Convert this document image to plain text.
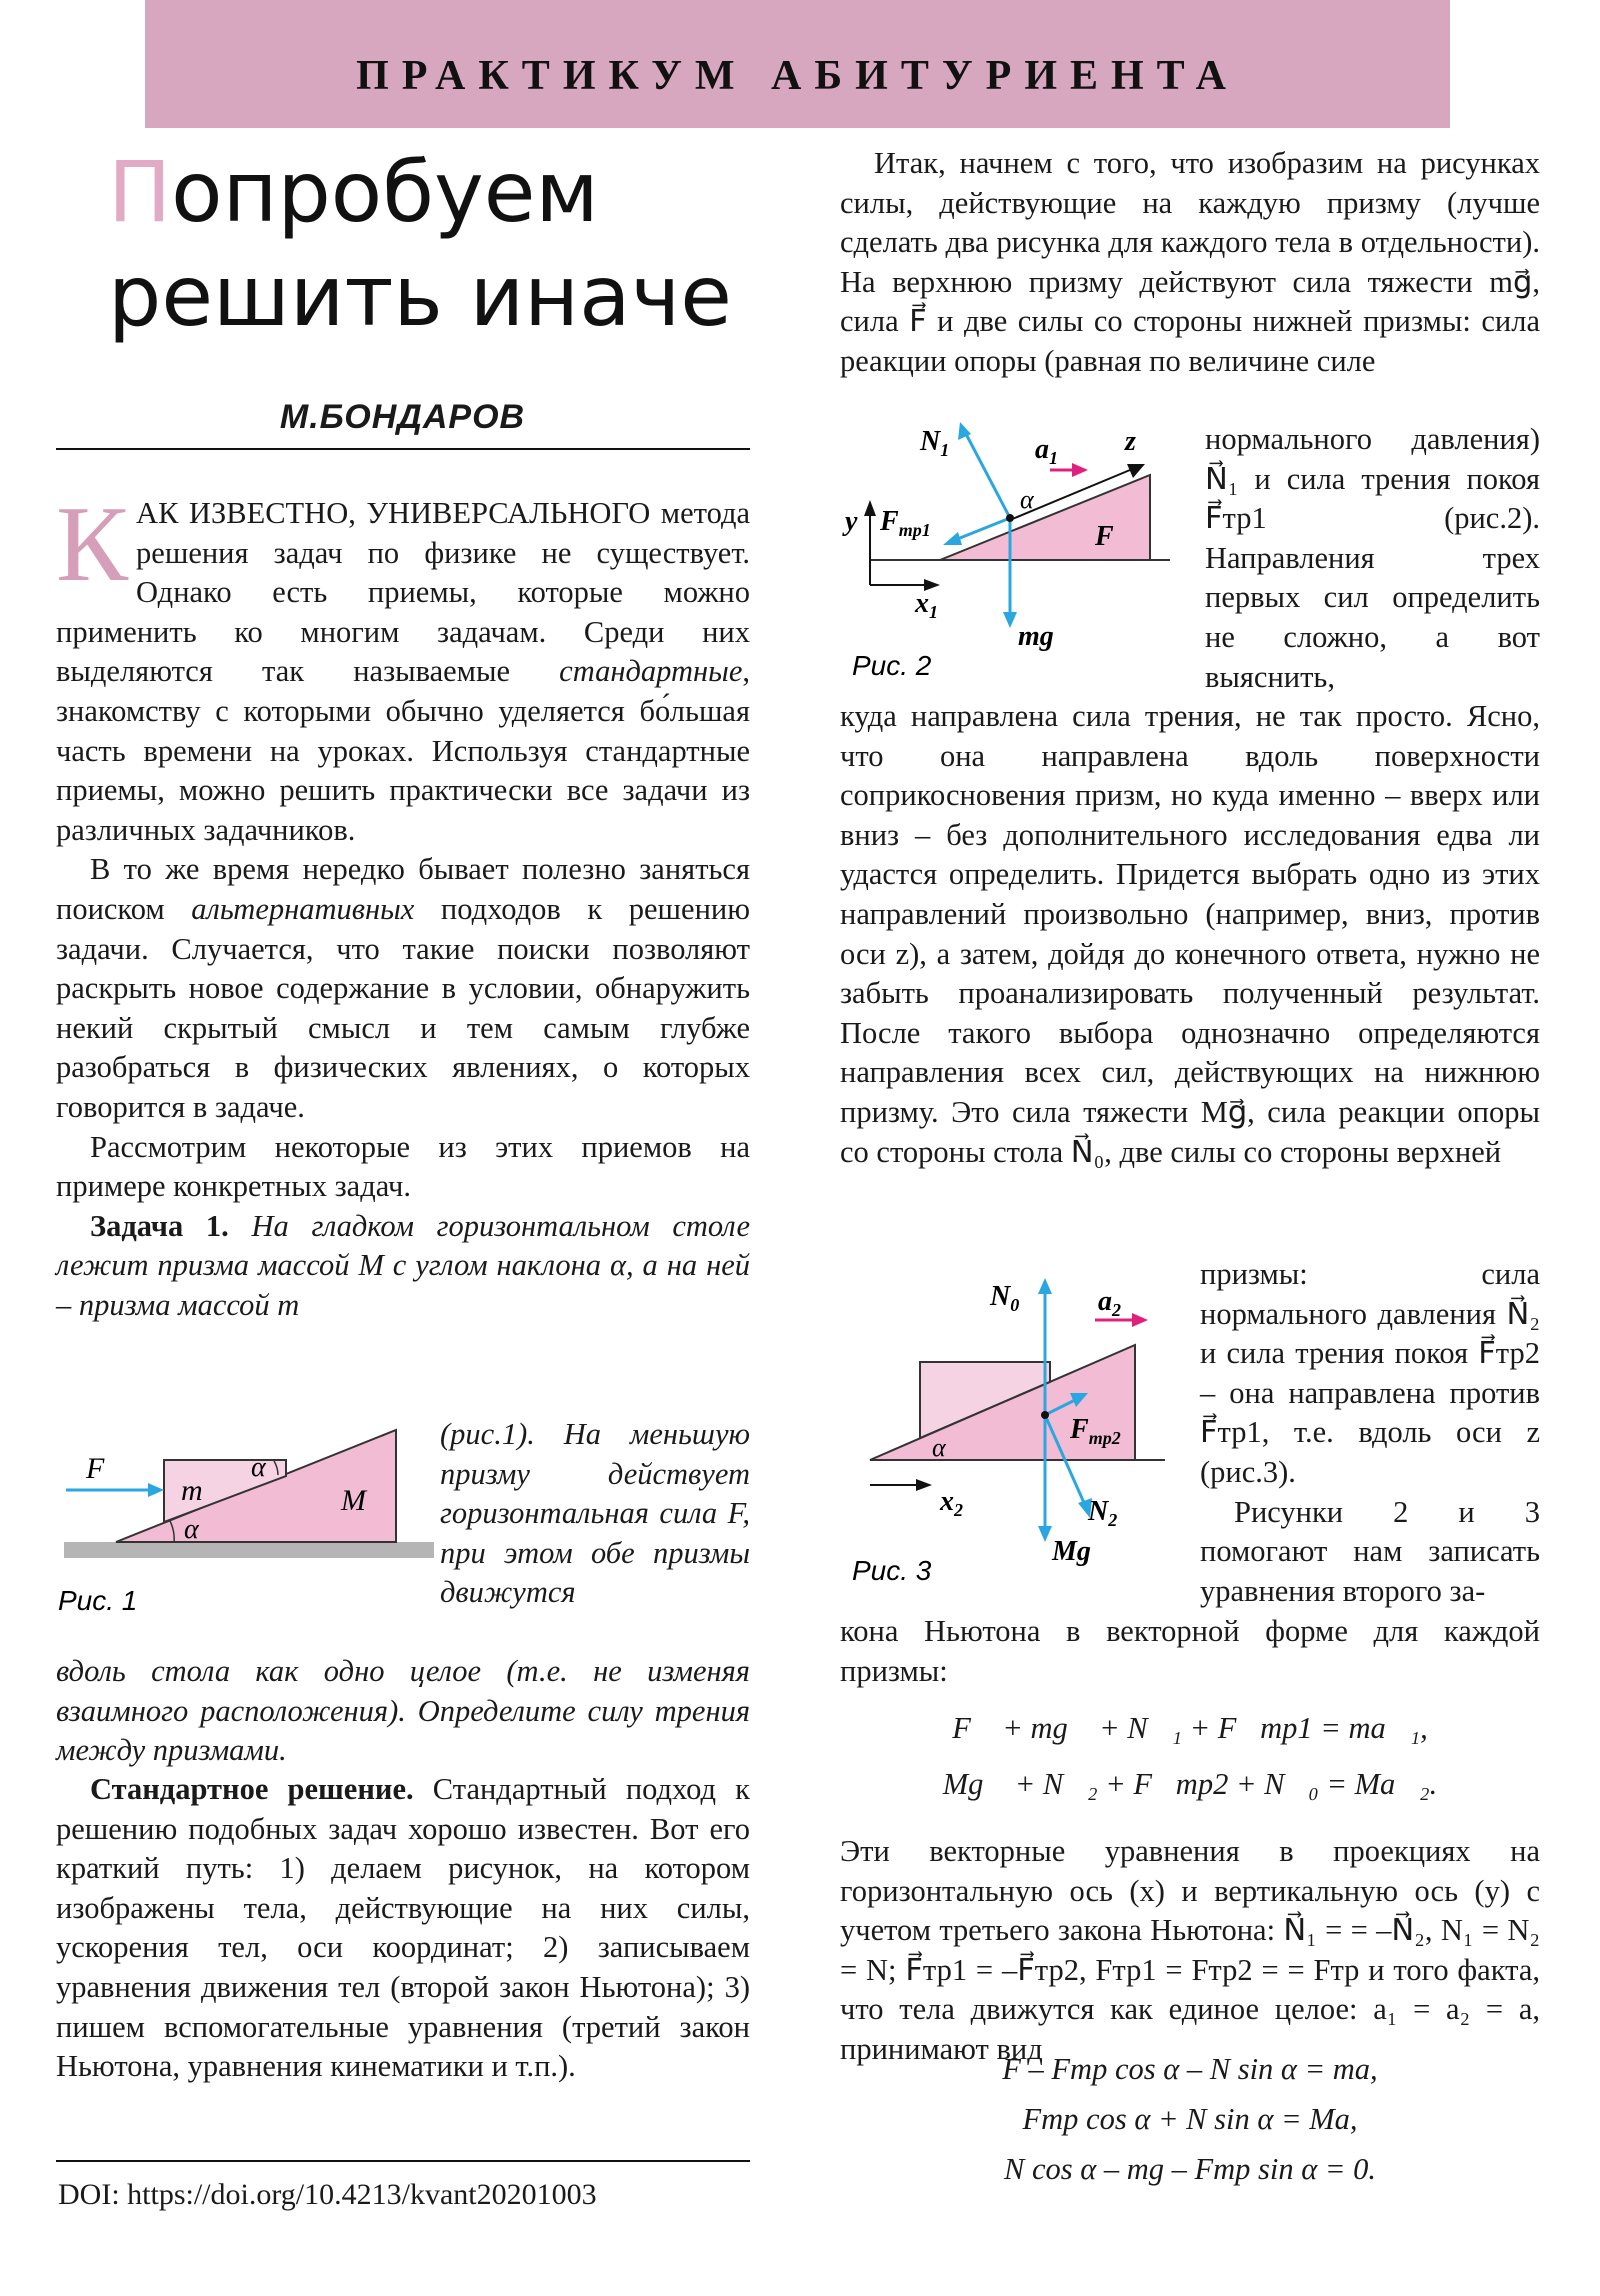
ПРАКТИКУМ АБИТУРИЕНТА
Попробуем
решить иначе
М.БОНДАРОВ

КАК ИЗВЕСТНО, УНИВЕРСАЛЬНОГО метода решения задач по физике не существует. Однако есть приемы, которые можно применить ко многим задачам. Среди них выделяются так называемые стандартные, знакомству с которыми обычно уделяется бо́льшая часть времени на уроках. Используя стандартные приемы, можно решить практически все задачи из различных задачников.

В то же время нередко бывает полезно заняться поиском альтернативных подходов к решению задачи. Случается, что такие поиски позволяют раскрыть новое содержание в условии, обнаружить некий скрытый смысл и тем самым глубже разобраться в физических явлениях, о которых говорится в задаче.

Рассмотрим некоторые из этих приемов на примере конкретных задач.

Задача 1. На гладком горизонтальном столе лежит призма массой M с углом наклона α, а на ней – призма массой m

F
m
α
M
α
Рис. 1
(рис.1). На меньшую призму действует горизонтальная сила F, при этом обе призмы движутся
вдоль стола как одно целое (т.е. не изменяя взаимного расположения). Определите силу трения между призмами.

Стандартное решение. Стандартный подход к решению подобных задач хорошо известен. Вот его краткий путь: 1) делаем рисунок, на котором изображены тела, действующие на них силы, ускорения тел, оси координат; 2) записываем уравнения движения тел (второй закон Ньютона); 3) пишем вспомогательные уравнения (третий закон Ньютона, уравнения кинематики и т.п.).

DOI: https://doi.org/10.4213/kvant20201003

Итак, начнем с того, что изобразим на рисунках силы, действующие на каждую призму (лучше сделать два рисунка для каждого тела в отдельности). На верхнюю призму действуют сила тяжести mg⃗, сила F⃗ и две силы со стороны нижней призмы: сила реакции опоры (равная по величине силе

$N_1$	$a_1$
z
y $F_{тр1}$
α
F
$x_1$
mg
Рис. 2
нормального давления) N⃗₁ и сила трения покоя F⃗тр1 (рис.2). Направления трех первых сил определить не сложно, а вот выяснить,
куда направлена сила трения, не так просто. Ясно, что она направлена вдоль поверхности соприкосновения призм, но куда именно – вверх или вниз – без дополнительного исследования едва ли удастся определить. Придется выбрать одно из этих направлений произвольно (например, вниз, против оси z), а затем, дойдя до конечного ответа, нужно не забыть проанализировать полученный результат. После такого выбора однозначно определяются направления всех сил, действующих на нижнюю призму. Это сила тяжести Mg⃗, сила реакции опоры со стороны стола N⃗₀, две силы со стороны верхней
$N_0$	$a_2$
$F_{тр2}$
α
$x_2$	$N_2$
Mg
Рис. 3

призмы: сила нормального давления N⃗₂ и сила трения покоя F⃗тр2 – она направлена против F⃗тр1, т.е. вдоль оси z (рис.3).

Рисунки 2 и 3 помогают нам записать уравнения второго за-

кона Ньютона в векторной форме для каждой призмы:

F⃗ + mg⃗ + N⃗₁ + F⃗тр1 = ma⃗₁,

Mg⃗ + N⃗₂ + F⃗тр2 + N⃗₀ = Ma⃗₂.

Эти векторные уравнения в проекциях на горизонтальную ось (x) и вертикальную ось (y) с учетом третьего закона Ньютона: N⃗₁ = = –N⃗₂, N₁ = N₂ = N; F⃗тр1 = –F⃗тр2, Fтр1 = Fтр2 = = Fтр и того факта, что тела движутся как единое целое: a₁ = a₂ = a, принимают вид

F – Fтр cos α – N sin α = ma,

Fтр cos α + N sin α = Ma,

N cos α – mg – Fтр sin α = 0.
